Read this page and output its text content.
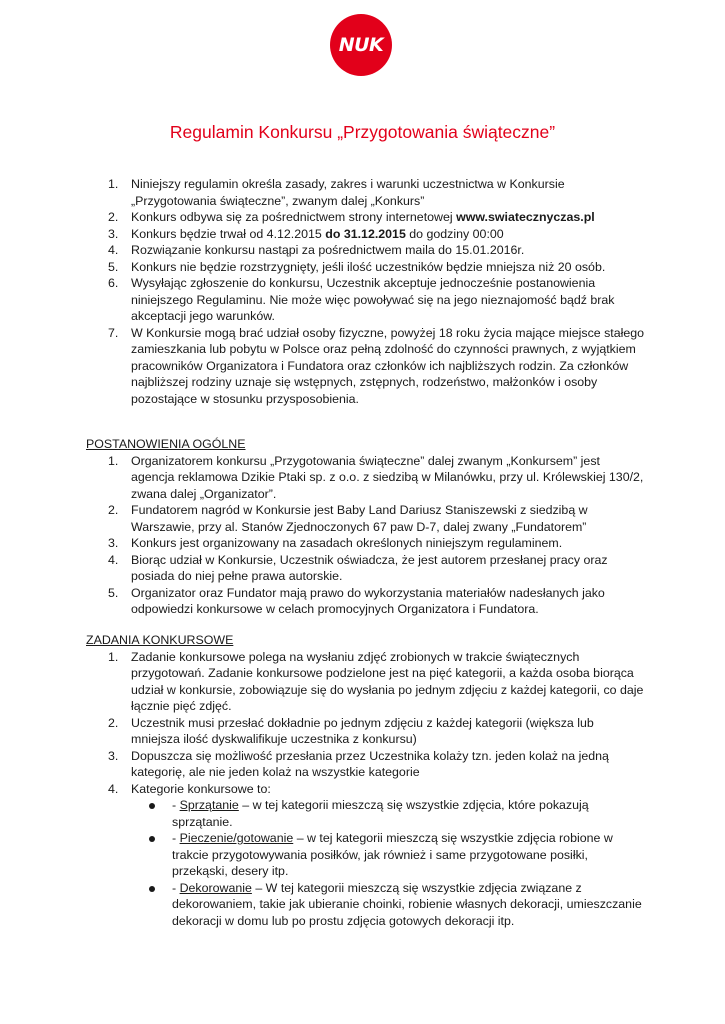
NUK
Regulamin Konkursu „Przygotowania świąteczne”
1. Niniejszy regulamin określa zasady, zakres i warunki uczestnictwa w Konkursie „Przygotowania świąteczne”, zwanym dalej „Konkurs”
2. Konkurs odbywa się za pośrednictwem strony internetowej www.swiatecznyczas.pl
3. Konkurs będzie trwał od 4.12.2015 do 31.12.2015 do godziny 00:00
4. Rozwiązanie konkursu nastąpi za pośrednictwem maila do 15.01.2016r.
5. Konkurs nie będzie rozstrzygnięty, jeśli ilość uczestników będzie mniejsza niż 20 osób.
6. Wysyłając zgłoszenie do konkursu, Uczestnik akceptuje jednocześnie postanowienia niniejszego Regulaminu. Nie może więc powoływać się na jego nieznajomość bądź brak akceptacji jego warunków.
7. W Konkursie mogą brać udział osoby fizyczne, powyżej 18 roku życia mające miejsce stałego zamieszkania lub pobytu w Polsce oraz pełną zdolność do czynności prawnych, z wyjątkiem pracowników Organizatora i Fundatora oraz członków ich najbliższych rodzin. Za członków najbliższej rodziny uznaje się wstępnych, zstępnych, rodzeństwo, małżonków i osoby pozostające w stosunku przysposobienia.
POSTANOWIENIA OGÓLNE
1. Organizatorem konkursu „Przygotowania świąteczne” dalej zwanym „Konkursem” jest agencja reklamowa Dzikie Ptaki sp. z o.o. z siedzibą w Milanówku, przy ul. Królewskiej 130/2, zwana dalej „Organizator”.
2. Fundatorem nagród w Konkursie jest Baby Land Dariusz Staniszewski z siedzibą w Warszawie, przy al. Stanów Zjednoczonych 67 paw D-7, dalej zwany „Fundatorem”
3. Konkurs jest organizowany na zasadach określonych niniejszym regulaminem.
4. Biorąc udział w Konkursie, Uczestnik oświadcza, że jest autorem przesłanej pracy oraz posiada do niej pełne prawa autorskie.
5. Organizator oraz Fundator mają prawo do wykorzystania materiałów nadesłanych jako odpowiedzi konkursowe w celach promocyjnych Organizatora i Fundatora.
ZADANIA KONKURSOWE
1. Zadanie konkursowe polega na wysłaniu zdjęć zrobionych w trakcie świątecznych przygotowań. Zadanie konkursowe podzielone jest na pięć kategorii, a każda osoba biorąca udział w konkursie, zobowiązuje się do wysłania po jednym zdjęciu z każdej kategorii, co daje łącznie pięć zdjęć.
2. Uczestnik musi przesłać dokładnie po jednym zdjęciu z każdej kategorii (większa lub mniejsza ilość dyskwalifikuje uczestnika z konkursu)
3. Dopuszcza się możliwość przesłania przez Uczestnika kolaży tzn. jeden kolaż na jedną kategorię, ale nie jeden kolaż na wszystkie kategorie
4. Kategorie konkursowe to:
- Sprzątanie – w tej kategorii mieszczą się wszystkie zdjęcia, które pokazują sprzątanie.
- Pieczenie/gotowanie – w tej kategorii mieszczą się wszystkie zdjęcia robione w trakcie przygotowywania posiłków, jak również i same przygotowane posiłki, przekąski, desery itp.
- Dekorowanie – W tej kategorii mieszczą się wszystkie zdjęcia związane z dekorowaniem, takie jak ubieranie choinki, robienie własnych dekoracji, umieszczanie dekoracji w domu lub po prostu zdjęcia gotowych dekoracji itp.
